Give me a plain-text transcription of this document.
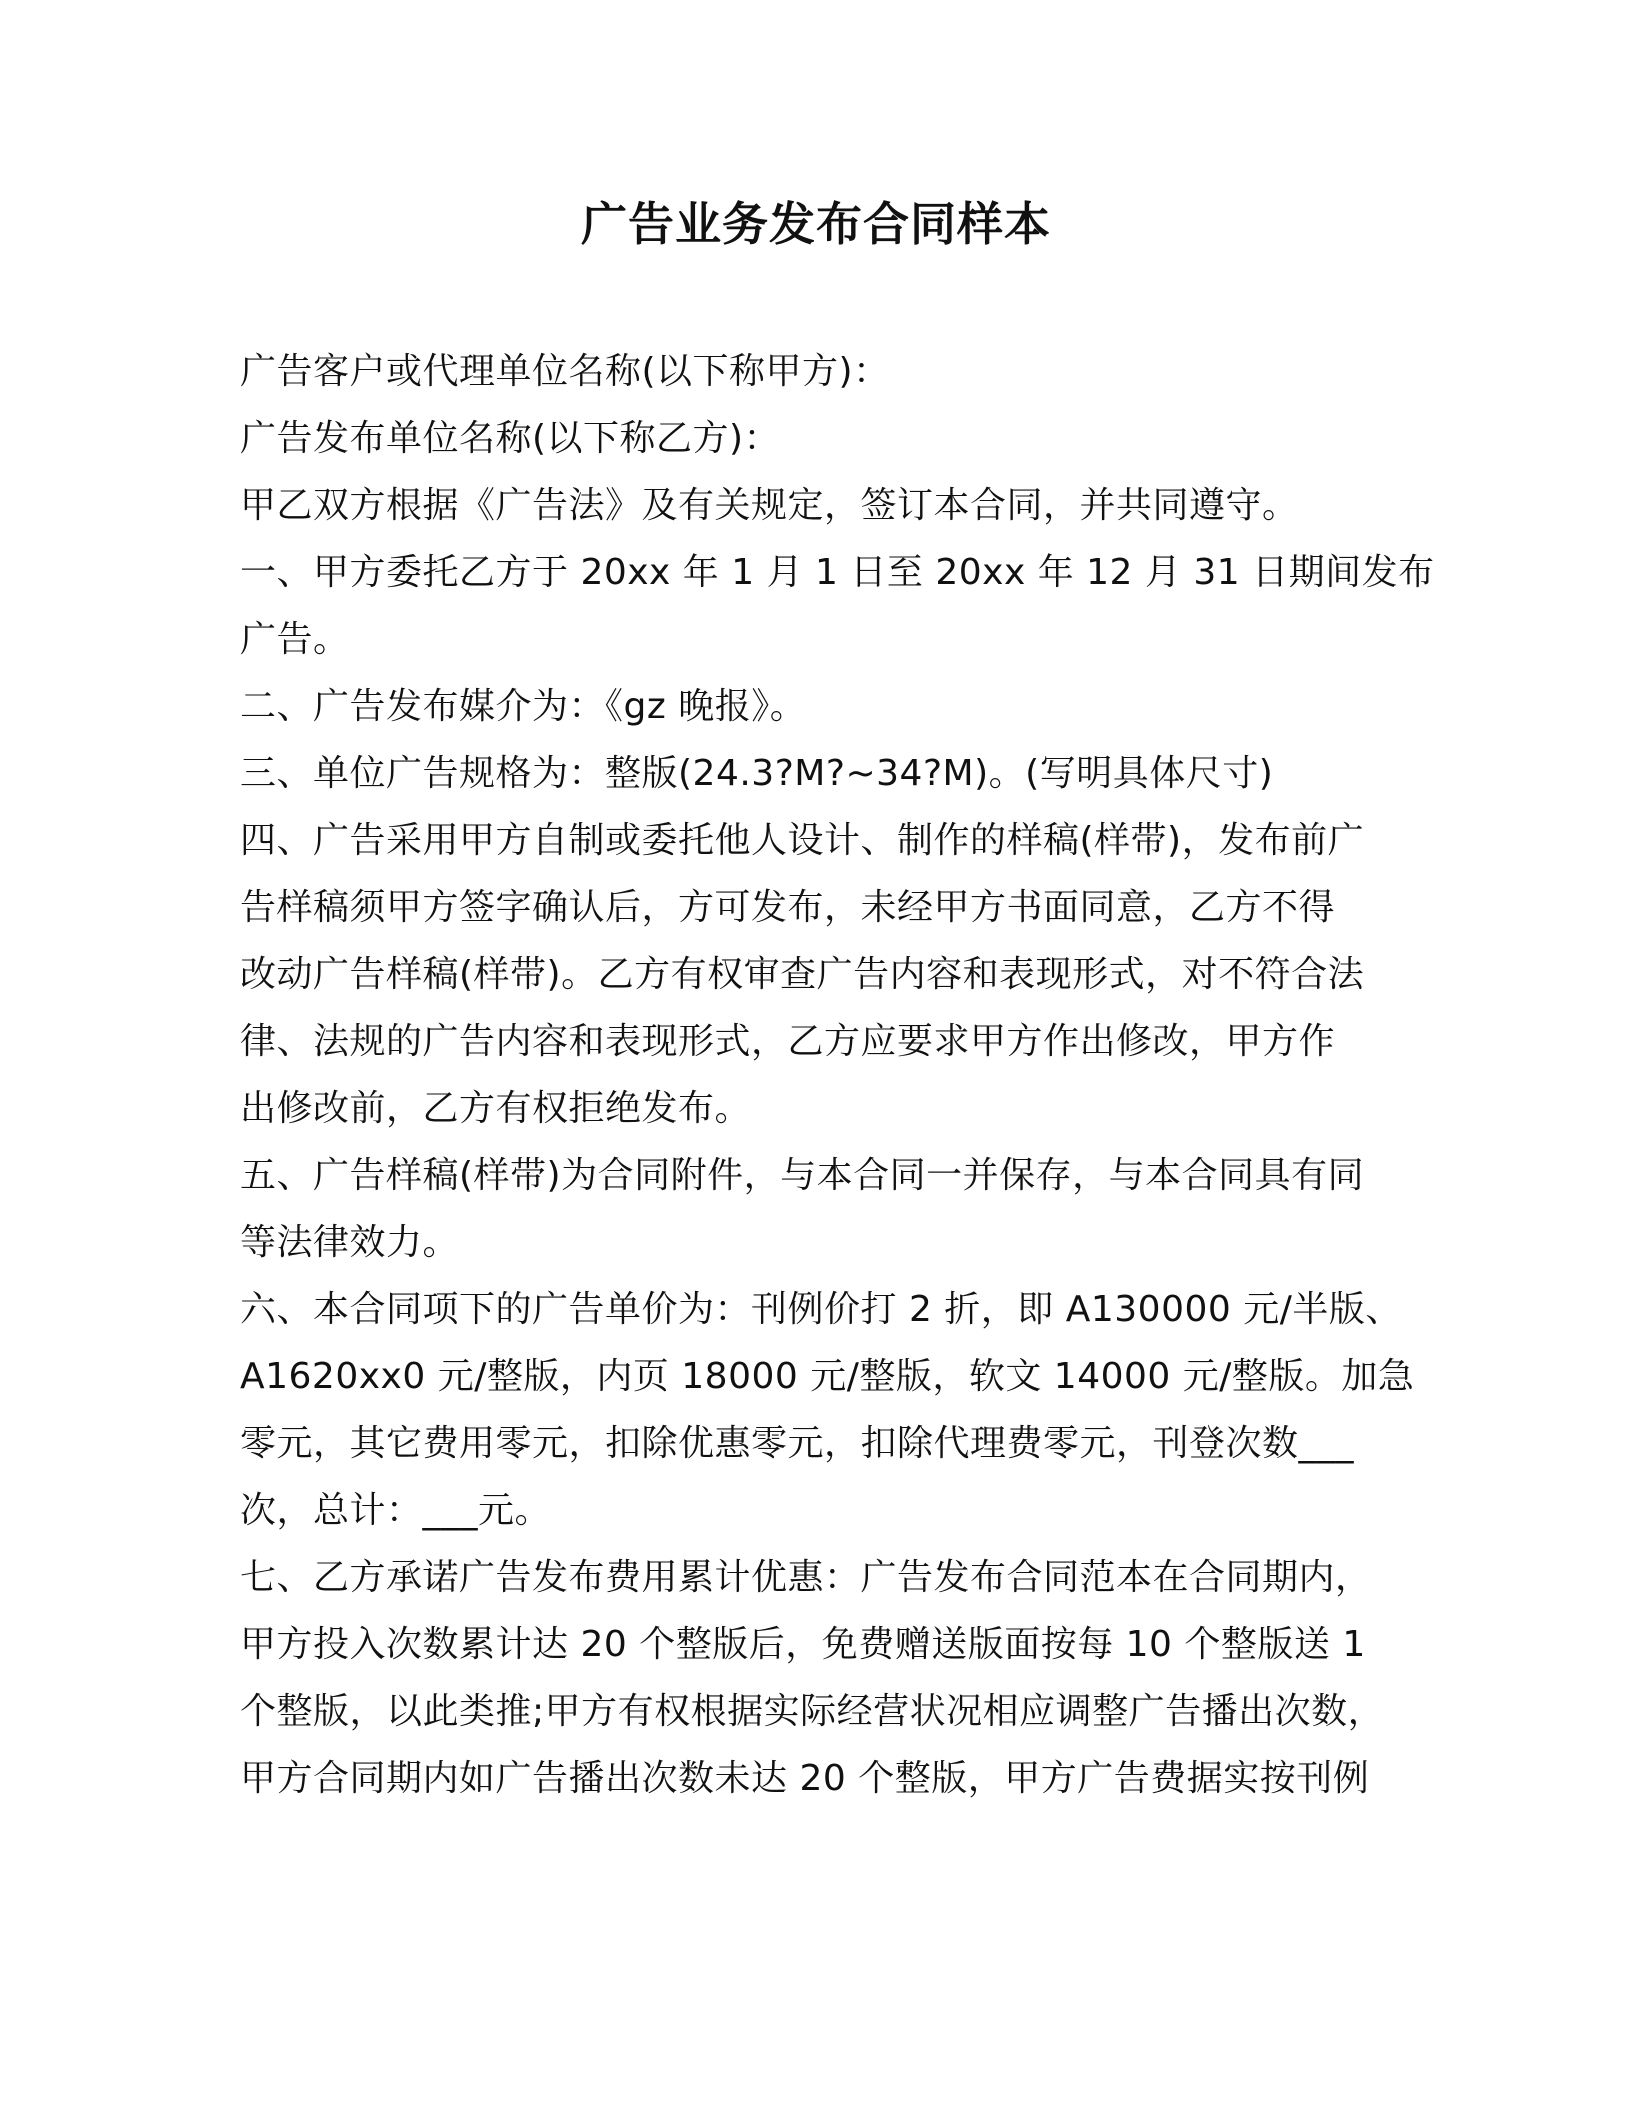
广告业务发布合同样本
广告客户或代理单位名称(以下称甲方)：
广告发布单位名称(以下称乙方)：
甲乙双方根据《广告法》及有关规定，签订本合同，并共同遵守。
一、甲方委托乙方于 20xx 年 1 月 1 日至 20xx 年 12 月 31 日期间发布
广告。
二、广告发布媒介为：《gz 晚报》。
三、单位广告规格为：整版(24.3?M?~34?M)。(写明具体尺寸)
四、广告采用甲方自制或委托他人设计、制作的样稿(样带)，发布前广
告样稿须甲方签字确认后，方可发布，未经甲方书面同意，乙方不得
改动广告样稿(样带)。乙方有权审查广告内容和表现形式，对不符合法
律、法规的广告内容和表现形式，乙方应要求甲方作出修改，甲方作
出修改前，乙方有权拒绝发布。
五、广告样稿(样带)为合同附件，与本合同一并保存，与本合同具有同
等法律效力。
六、本合同项下的广告单价为：刊例价打 2 折，即 A130000 元/半版、
A1620xx0 元/整版，内页 18000 元/整版，软文 14000 元/整版。加急
零元，其它费用零元，扣除优惠零元，扣除代理费零元，刊登次数___
次，总计：___元。
七、乙方承诺广告发布费用累计优惠：广告发布合同范本在合同期内，
甲方投入次数累计达 20 个整版后，免费赠送版面按每 10 个整版送 1
个整版，以此类推;甲方有权根据实际经营状况相应调整广告播出次数，
甲方合同期内如广告播出次数未达 20 个整版，甲方广告费据实按刊例
